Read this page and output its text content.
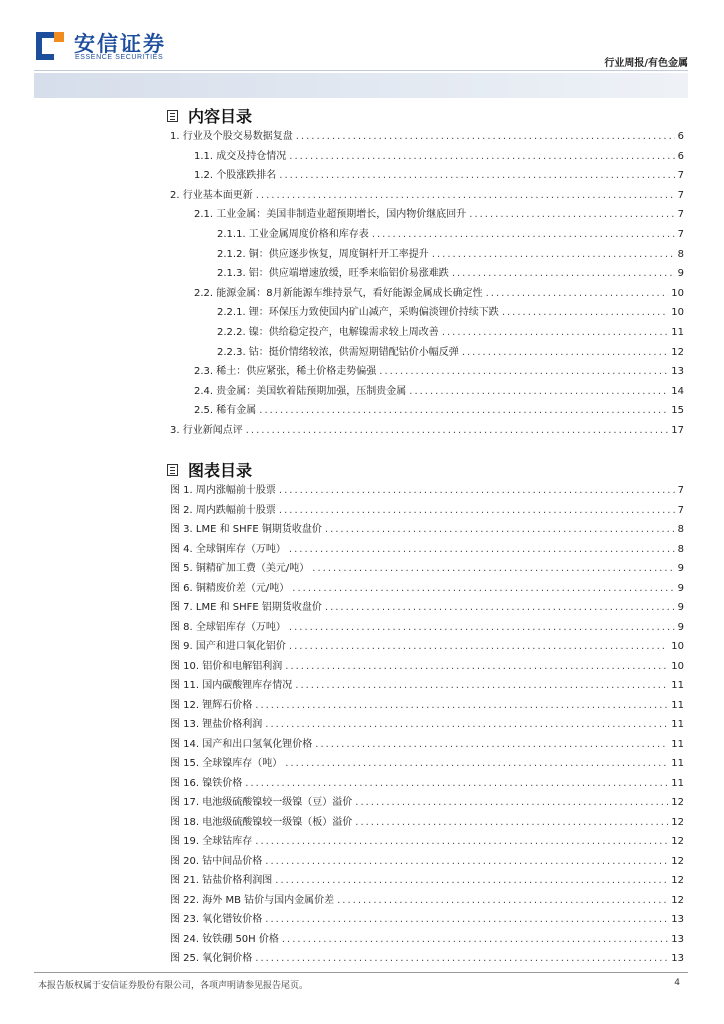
安信证券
ESSENCE SECURITIES
行业周报/有色金属
内容目录
1. 行业及个股交易数据复盘 .....	6
1.1. 成交及持仓情况 .....	6
1.2. 个股涨跌排名 .....	7
2. 行业基本面更新 .....	7
2.1. 工业金属：美国非制造业超预期增长，国内物价继底回升 .....	7
2.1.1. 工业金属周度价格和库存表 .....	7
2.1.2. 铜：供应逐步恢复，周度铜杆开工率提升 .....	8
2.1.3. 铝：供应端增速放缓，旺季来临铝价易涨难跌 .....	9
2.2. 能源金属：8月新能源车维持景气，看好能源金属成长确定性 .....	10
2.2.1. 锂：环保压力致使国内矿山减产，采购偏淡锂价持续下跌 .....	10
2.2.2. 镍：供给稳定投产，电解镍需求较上周改善 .....	11
2.2.3. 钴：挺价情绪较浓，供需短期错配钴价小幅反弹 .....	12
2.3. 稀土：供应紧张，稀土价格走势偏强 .....	13
2.4. 贵金属：美国软着陆预期加强，压制贵金属 .....	14
2.5. 稀有金属 .....	15
3. 行业新闻点评 .....	17
图表目录
图 1. 周内涨幅前十股票 .....	7
图 2. 周内跌幅前十股票 .....	7
图 3. LME 和 SHFE 铜期货收盘价 .....	8
图 4. 全球铜库存（万吨） .....	8
图 5. 铜精矿加工费（美元/吨） .....	9
图 6. 铜精废价差（元/吨） .....	9
图 7. LME 和 SHFE 铝期货收盘价 .....	9
图 8. 全球铝库存（万吨） .....	9
图 9. 国产和进口氧化铝价 .....	10
图 10. 铝价和电解铝利润 .....	10
图 11. 国内碳酸锂库存情况 .....	11
图 12. 锂辉石价格 .....	11
图 13. 锂盐价格利润 .....	11
图 14. 国产和出口氢氧化锂价格 .....	11
图 15. 全球镍库存（吨） .....	11
图 16. 镍铁价格 .....	11
图 17. 电池级硫酸镍较一级镍（豆）溢价 .....	12
图 18. 电池级硫酸镍较一级镍（板）溢价 .....	12
图 19. 全球钴库存 .....	12
图 20. 钴中间品价格 .....	12
图 21. 钴盐价格利润图 .....	12
图 22. 海外 MB 钴价与国内金属价差 .....	12
图 23. 氧化镨钕价格 .....	13
图 24. 钕铁硼 50H 价格 .....	13
图 25. 氧化铜价格 .....	13
本报告版权属于安信证券股份有限公司，各项声明请参见报告尾页。	4
